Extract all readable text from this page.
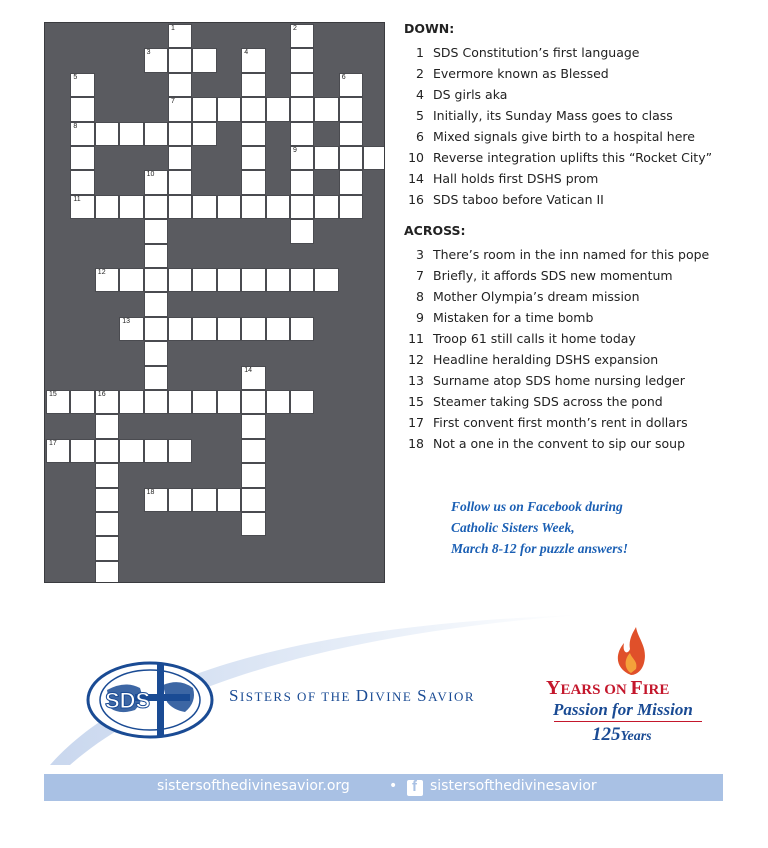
1
7
2
9
4
5
8
6
10
14
16
3
11
12
13
15
17
18
DOWN:
1 SDS Constitution’s first language
2 Evermore known as Blessed
4 DS girls aka
5 Initially, its Sunday Mass goes to class
6 Mixed signals give birth to a hospital here
10 Reverse integration uplifts this “Rocket City”
14 Hall holds first DSHS prom
16 SDS taboo before Vatican II
ACROSS:
3 There’s room in the inn named for this pope
7 Briefly, it affords SDS new momentum
8 Mother Olympia’s dream mission
9 Mistaken for a time bomb
11 Troop 61 still calls it home today
12 Headline heralding DSHS expansion
13 Surname atop SDS home nursing ledger
15 Steamer taking SDS across the pond
17 First convent first month’s rent in dollars
18 Not a one in the convent to sip our soup
Follow us on Facebook during
Catholic Sisters Week,
March 8-12 for puzzle answers!
SDS	SISTERS OF THE DIVINE SAVIOR	YEARS ON FIRE
Passion for Mission
125Years
sistersofthedivinesavior.org	• f sistersofthedivinesavior
